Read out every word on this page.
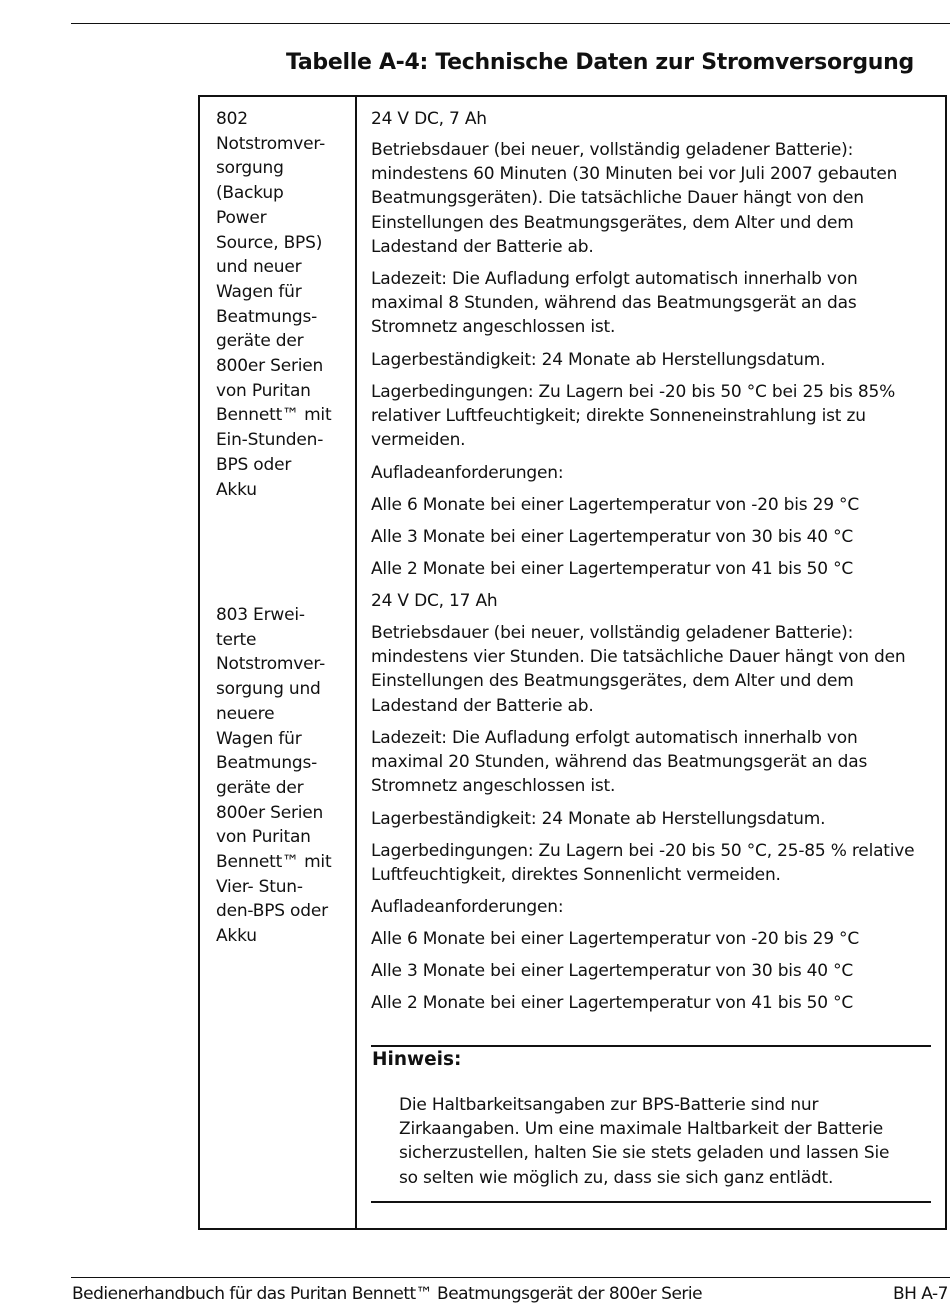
Tabelle A-4: Technische Daten zur Stromversorgung
802
Notstromver-
sorgung
(Backup
Power
Source, BPS)
und neuer
Wagen für
Beatmungs-
geräte der
800er Serien
von Puritan
Bennett™ mit
Ein-Stunden-
BPS oder
Akku
803 Erwei-
terte
Notstromver-
sorgung und
neuere
Wagen für
Beatmungs-
geräte der
800er Serien
von Puritan
Bennett™ mit
Vier- Stun-
den-BPS oder
Akku
24 V DC, 7 Ah
Betriebsdauer (bei neuer, vollständig geladener Batterie):
mindestens 60 Minuten (30 Minuten bei vor Juli 2007 gebauten
Beatmungsgeräten). Die tatsächliche Dauer hängt von den
Einstellungen des Beatmungsgerätes, dem Alter und dem
Ladestand der Batterie ab.
Ladezeit: Die Aufladung erfolgt automatisch innerhalb von
maximal 8 Stunden, während das Beatmungsgerät an das
Stromnetz angeschlossen ist.
Lagerbeständigkeit: 24 Monate ab Herstellungsdatum.
Lagerbedingungen: Zu Lagern bei -20 bis 50 °C bei 25 bis 85%
relativer Luftfeuchtigkeit; direkte Sonneneinstrahlung ist zu
vermeiden.
Aufladeanforderungen:
Alle 6 Monate bei einer Lagertemperatur von -20 bis 29 °C
Alle 3 Monate bei einer Lagertemperatur von 30 bis 40 °C
Alle 2 Monate bei einer Lagertemperatur von 41 bis 50 °C
24 V DC, 17 Ah
Betriebsdauer (bei neuer, vollständig geladener Batterie):
mindestens vier Stunden. Die tatsächliche Dauer hängt von den
Einstellungen des Beatmungsgerätes, dem Alter und dem
Ladestand der Batterie ab.
Ladezeit: Die Aufladung erfolgt automatisch innerhalb von
maximal 20 Stunden, während das Beatmungsgerät an das
Stromnetz angeschlossen ist.
Lagerbeständigkeit: 24 Monate ab Herstellungsdatum.
Lagerbedingungen: Zu Lagern bei -20 bis 50 °C, 25-85 % relative
Luftfeuchtigkeit, direktes Sonnenlicht vermeiden.
Aufladeanforderungen:
Alle 6 Monate bei einer Lagertemperatur von -20 bis 29 °C
Alle 3 Monate bei einer Lagertemperatur von 30 bis 40 °C
Alle 2 Monate bei einer Lagertemperatur von 41 bis 50 °C
Hinweis:
Die Haltbarkeitsangaben zur BPS-Batterie sind nur
Zirkaangaben. Um eine maximale Haltbarkeit der Batterie
sicherzustellen, halten Sie sie stets geladen und lassen Sie
so selten wie möglich zu, dass sie sich ganz entlädt.
Bedienerhandbuch für das Puritan Bennett™ Beatmungsgerät der 800er Serie	BH A-7
